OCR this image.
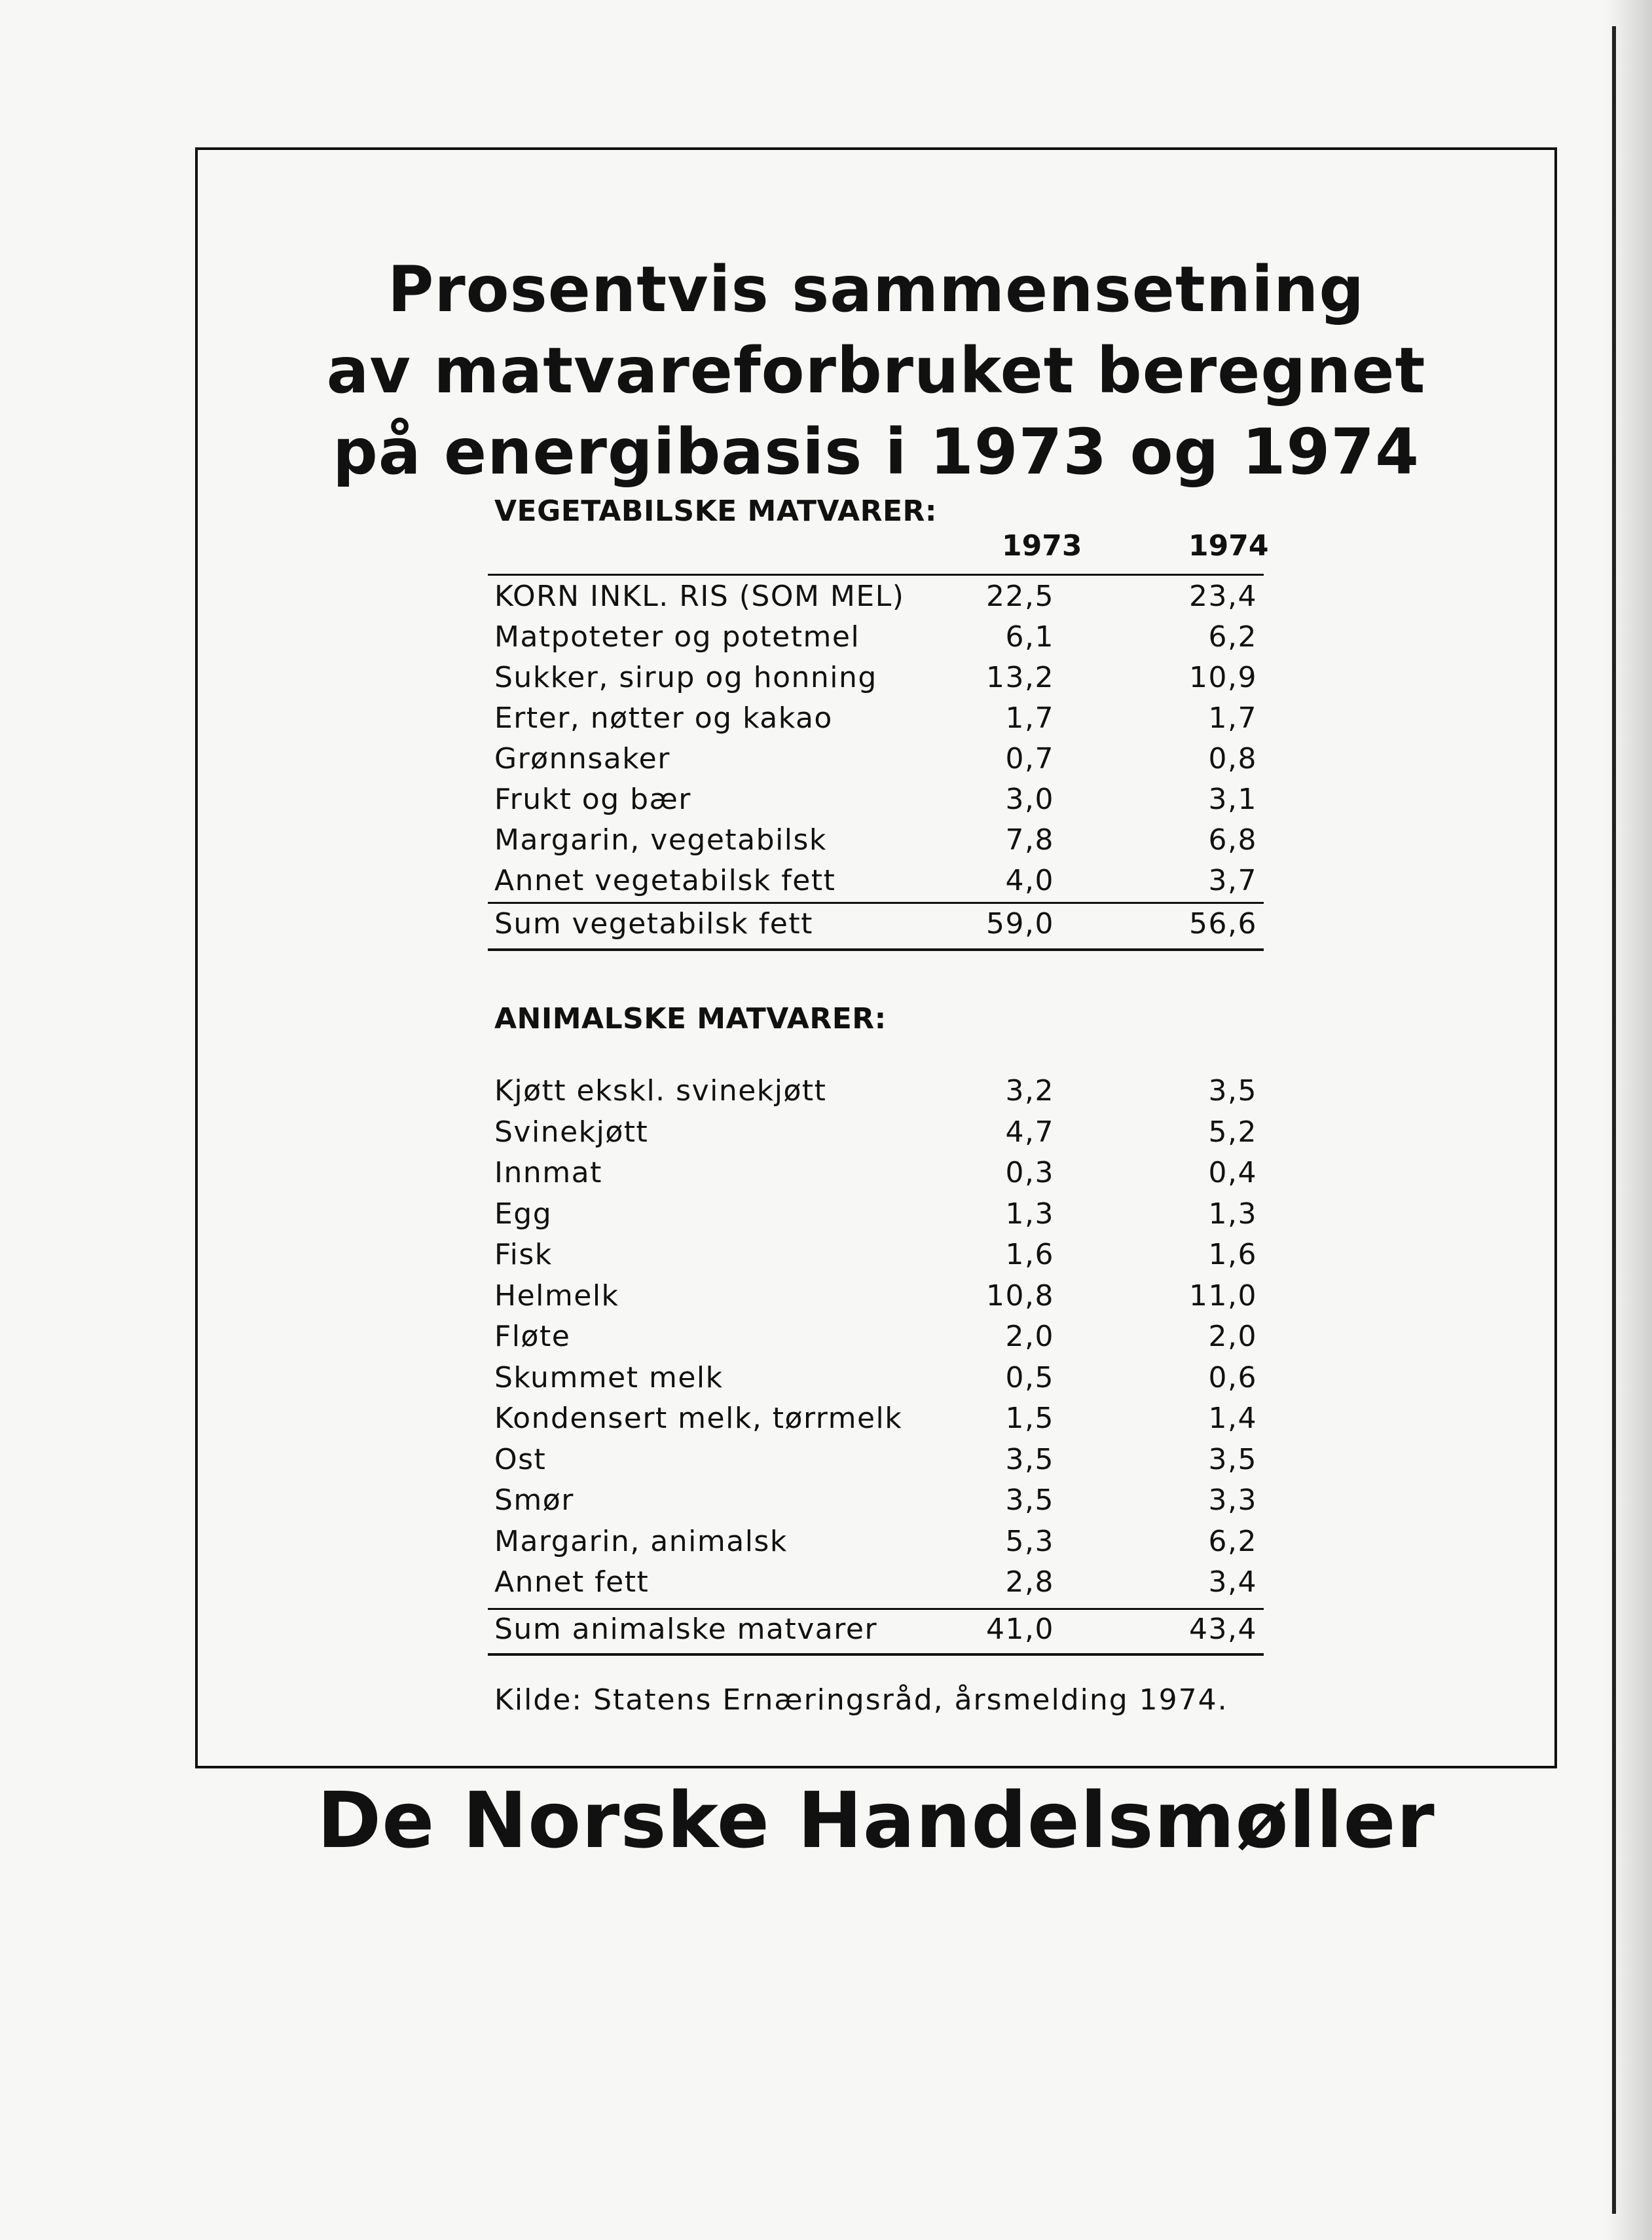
Prosentvis sammensetning
av matvareforbruket beregnet
på energibasis i 1973 og 1974
VEGETABILSKE MATVARER:
1973	1974
KORN INKL. RIS (SOM MEL)	22,5	23,4
Matpoteter og potetmel	6,1	6,2
Sukker, sirup og honning	13,2	10,9
Erter, nøtter og kakao	1,7	1,7
Grønnsaker	0,7	0,8
Frukt og bær	3,0	3,1
Margarin, vegetabilsk	7,8	6,8
Annet vegetabilsk fett	4,0	3,7
Sum vegetabilsk fett	59,0	56,6
ANIMALSKE MATVARER:
Kjøtt ekskl. svinekjøtt	3,2	3,5
Svinekjøtt	4,7	5,2
Innmat	0,3	0,4
Egg	1,3	1,3
Fisk	1,6	1,6
Helmelk	10,8	11,0
Fløte	2,0	2,0
Skummet melk	0,5	0,6
Kondensert melk, tørrmelk	1,5	1,4
Ost	3,5	3,5
Smør	3,5	3,3
Margarin, animalsk	5,3	6,2
Annet fett	2,8	3,4
Sum animalske matvarer	41,0	43,4
Kilde: Statens Ernæringsråd, årsmelding 1974.
De Norske Handelsmøller
